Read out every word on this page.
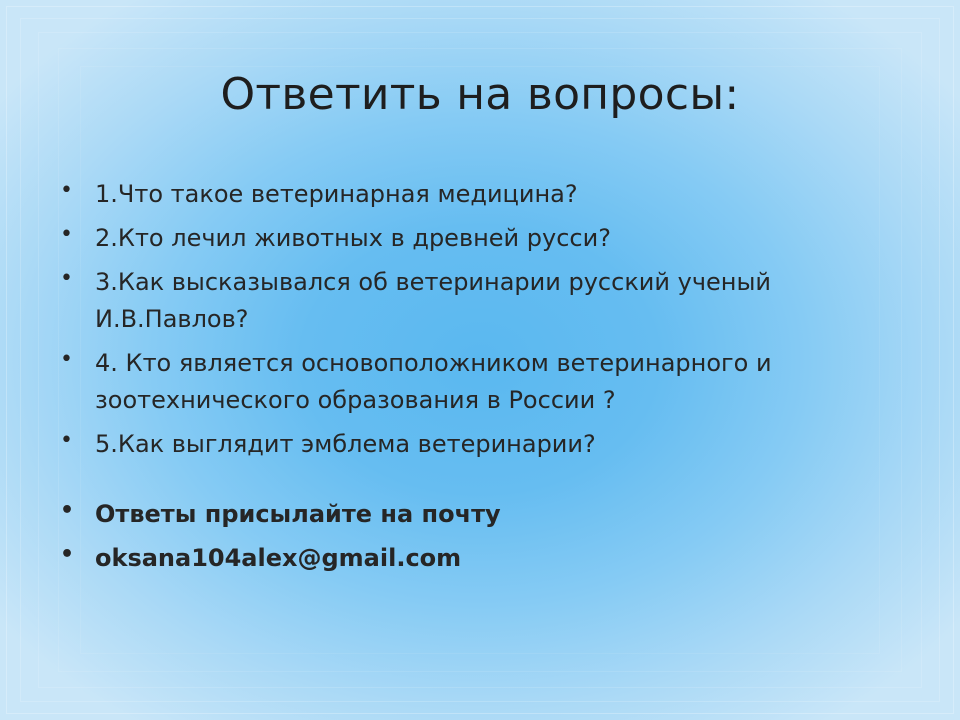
Ответить на вопросы:
• 1.Что такое ветеринарная медицина?
• 2.Кто лечил животных в древней русси?
• 3.Как высказывался об ветеринарии русский ученый И.В.Павлов?
• 4. Кто является основоположником ветеринарного и зоотехнического образования в России ?
• 5.Как выглядит эмблема ветеринарии?
• Ответы присылайте на почту
• oksana104alex@gmail.com
